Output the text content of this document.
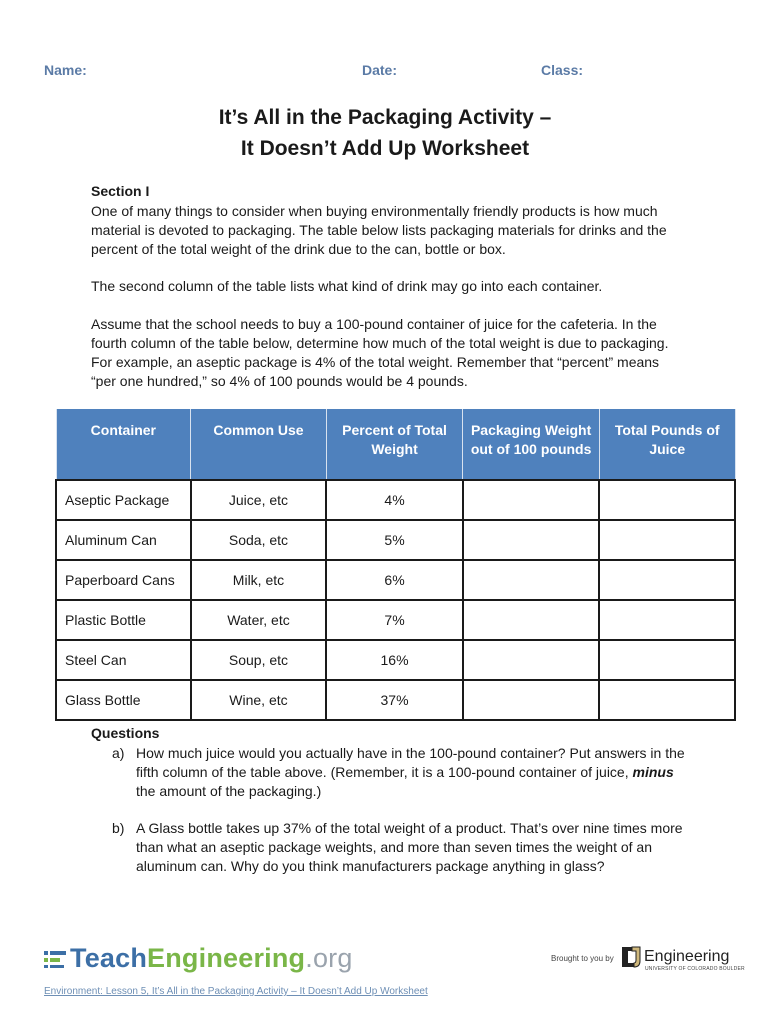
Name:	Date:	Class:
It’s All in the Packaging Activity –
It Doesn’t Add Up Worksheet
Section I
One of many things to consider when buying environmentally friendly products is how much material is devoted to packaging. The table below lists packaging materials for drinks and the percent of the total weight of the drink due to the can, bottle or box.
The second column of the table lists what kind of drink may go into each container.
Assume that the school needs to buy a 100-pound container of juice for the cafeteria. In the fourth column of the table below, determine how much of the total weight is due to packaging. For example, an aseptic package is 4% of the total weight. Remember that “percent” means “per one hundred,” so 4% of 100 pounds would be 4 pounds.
Container	Common Use	Percent of Total Weight	Packaging Weight out of 100 pounds	Total Pounds of Juice
Aseptic Package	Juice, etc	4%		
Aluminum Can	Soda, etc	5%		
Paperboard Cans	Milk, etc	6%		
Plastic Bottle	Water, etc	7%		
Steel Can	Soup, etc	16%		
Glass Bottle	Wine, etc	37%		
Questions
a) How much juice would you actually have in the 100-pound container? Put answers in the fifth column of the table above. (Remember, it is a 100-pound container of juice, minus the amount of the packaging.)
b) A Glass bottle takes up 37% of the total weight of a product. That’s over nine times more than what an aseptic package weights, and more than seven times the weight of an aluminum can. Why do you think manufacturers package anything in glass?
TeachEngineering.org	Brought to you by Engineering
UNIVERSITY OF COLORADO BOULDER
Environment: Lesson 5, It’s All in the Packaging Activity – It Doesn’t Add Up Worksheet
